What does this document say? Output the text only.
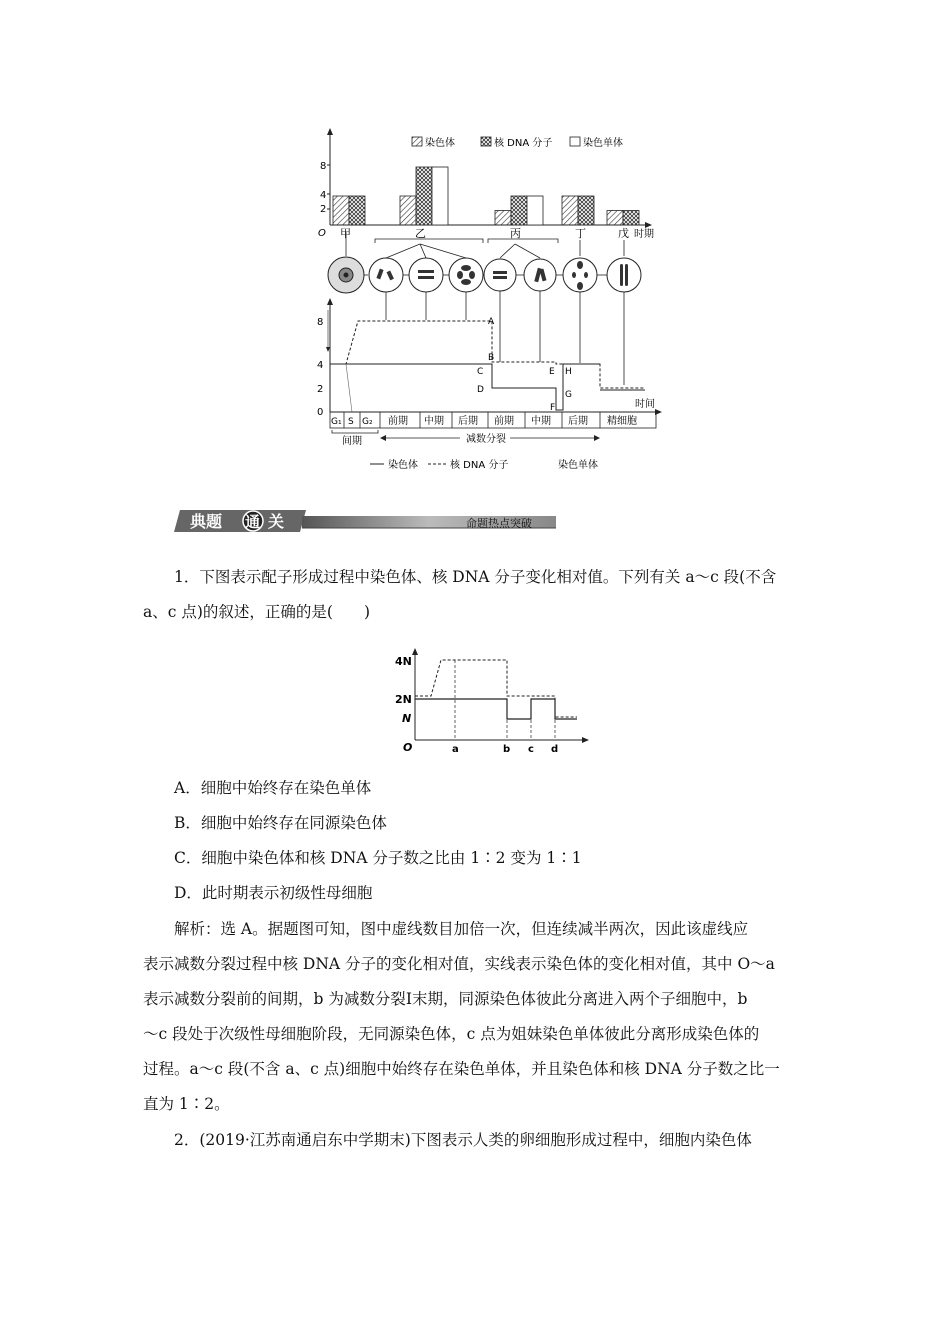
染色体	核 DNA 分子	染色单体
8
4
2
O 甲	乙	丙	丁	戊 时期
8
4
2
0
A
B
C
D
E
F
G
H
时间
G₁ S G₂ 前期 中期 后期 前期 中期 后期 精细胞
间期	减数分裂
染色体	核 DNA 分子	染色单体
典题 通 关	命题热点突破
1．下图表示配子形成过程中染色体、核 DNA 分子变化相对值。下列有关 a～c 段(不含
a、c 点)的叙述，正确的是(　　)
4N
2N
N
O	a	b c d
A．细胞中始终存在染色单体
B．细胞中始终存在同源染色体
C．细胞中染色体和核 DNA 分子数之比由 1∶2 变为 1∶1
D．此时期表示初级性母细胞
解析：选 A。据题图可知，图中虚线数目加倍一次，但连续减半两次，因此该虚线应
表示减数分裂过程中核 DNA 分子的变化相对值，实线表示染色体的变化相对值，其中 O～a
表示减数分裂前的间期，b 为减数分裂Ⅰ末期，同源染色体彼此分离进入两个子细胞中，b
～c 段处于次级性母细胞阶段，无同源染色体，c 点为姐妹染色单体彼此分离形成染色体的
过程。a～c 段(不含 a、c 点)细胞中始终存在染色单体，并且染色体和核 DNA 分子数之比一
直为 1∶2。
2．(2019·江苏南通启东中学期末)下图表示人类的卵细胞形成过程中，细胞内染色体
